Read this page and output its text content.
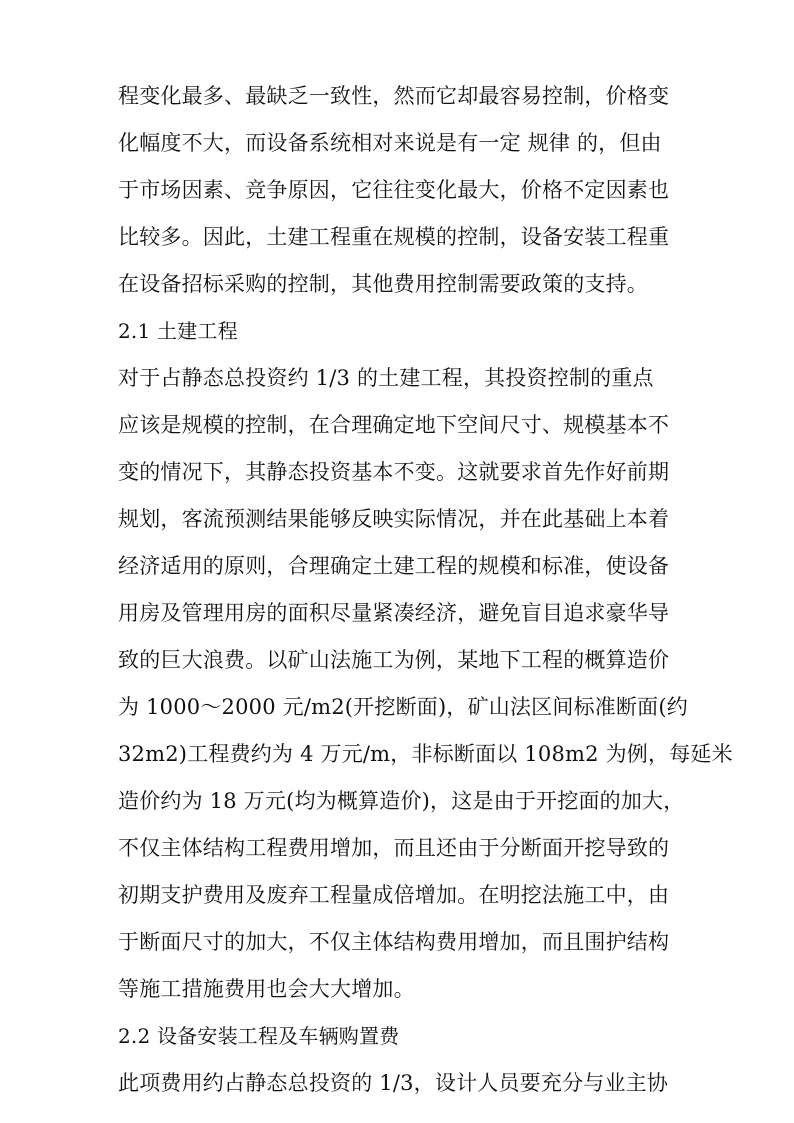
程变化最多、最缺乏一致性，然而它却最容易控制，价格变
化幅度不大，而设备系统相对来说是有一定 规律 的，但由
于市场因素、竞争原因，它往往变化最大，价格不定因素也
比较多。因此，土建工程重在规模的控制，设备安装工程重
在设备招标采购的控制，其他费用控制需要政策的支持。
2.1 土建工程
对于占静态总投资约 1/3 的土建工程，其投资控制的重点
应该是规模的控制，在合理确定地下空间尺寸、规模基本不
变的情况下，其静态投资基本不变。这就要求首先作好前期
规划，客流预测结果能够反映实际情况，并在此基础上本着
经济适用的原则，合理确定土建工程的规模和标准，使设备
用房及管理用房的面积尽量紧凑经济，避免盲目追求豪华导
致的巨大浪费。以矿山法施工为例，某地下工程的概算造价
为 1000～2000 元/m2(开挖断面)，矿山法区间标准断面(约
32m2)工程费约为 4 万元/m，非标断面以 108m2 为例，每延米
造价约为 18 万元(均为概算造价)，这是由于开挖面的加大，
不仅主体结构工程费用增加，而且还由于分断面开挖导致的
初期支护费用及废弃工程量成倍增加。在明挖法施工中，由
于断面尺寸的加大，不仅主体结构费用增加，而且围护结构
等施工措施费用也会大大增加。
2.2 设备安装工程及车辆购置费
此项费用约占静态总投资的 1/3，设计人员要充分与业主协
